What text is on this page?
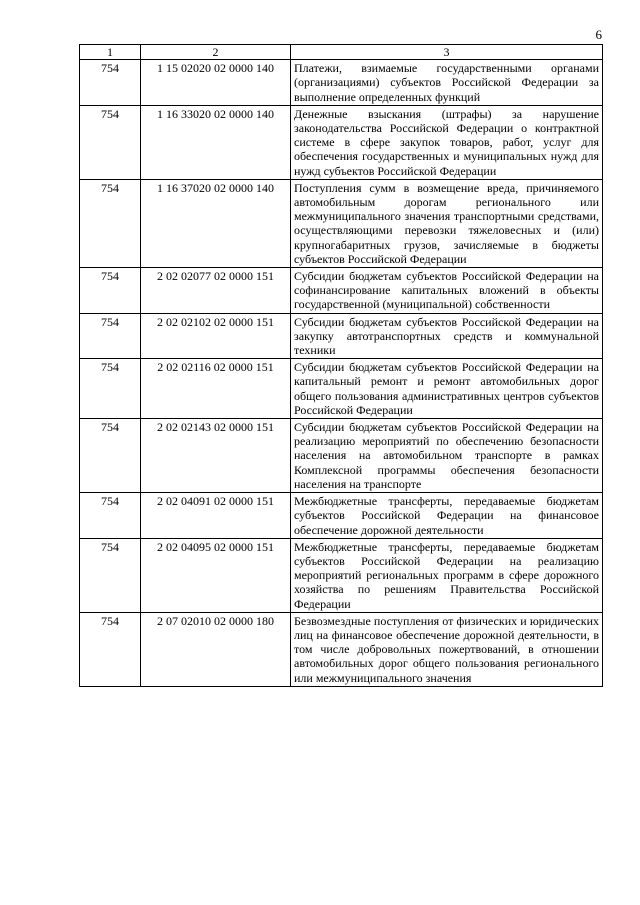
6
1	2	3
754	1 15 02020 02 0000 140	Платежи, взимаемые государственными органами (организациями) субъектов Российской Федерации за выполнение определенных функций
754	1 16 33020 02 0000 140	Денежные взыскания (штрафы) за нарушение законодательства Российской Федерации о контрактной системе в сфере закупок товаров, работ, услуг для обеспечения государственных и муниципальных нужд для нужд субъектов Российской Федерации
754	1 16 37020 02 0000 140	Поступления сумм в возмещение вреда, причиняемого автомобильным дорогам регионального или межмуниципального значения транспортными средствами, осуществляющими перевозки тяжеловесных и (или) крупногабаритных грузов, зачисляемые в бюджеты субъектов Российской Федерации
754	2 02 02077 02 0000 151	Субсидии бюджетам субъектов Российской Федерации на софинансирование капитальных вложений в объекты государственной (муниципальной) собственности
754	2 02 02102 02 0000 151	Субсидии бюджетам субъектов Российской Федерации на закупку автотранспортных средств и коммунальной техники
754	2 02 02116 02 0000 151	Субсидии бюджетам субъектов Российской Федерации на капитальный ремонт и ремонт автомобильных дорог общего пользования административных центров субъектов Российской Федерации
754	2 02 02143 02 0000 151	Субсидии бюджетам субъектов Российской Федерации на реализацию мероприятий по обеспечению безопасности населения на автомобильном транспорте в рамках Комплексной программы обеспечения безопасности населения на транспорте
754	2 02 04091 02 0000 151	Межбюджетные трансферты, передаваемые бюджетам субъектов Российской Федерации на финансовое обеспечение дорожной деятельности
754	2 02 04095 02 0000 151	Межбюджетные трансферты, передаваемые бюджетам субъектов Российской Федерации на реализацию мероприятий региональных программ в сфере дорожного хозяйства по решениям Правительства Российской Федерации
754	2 07 02010 02 0000 180	Безвозмездные поступления от физических и юридических лиц на финансовое обеспечение дорожной деятельности, в том числе добровольных пожертвований, в отношении автомобильных дорог общего пользования регионального или межмуниципального значения
